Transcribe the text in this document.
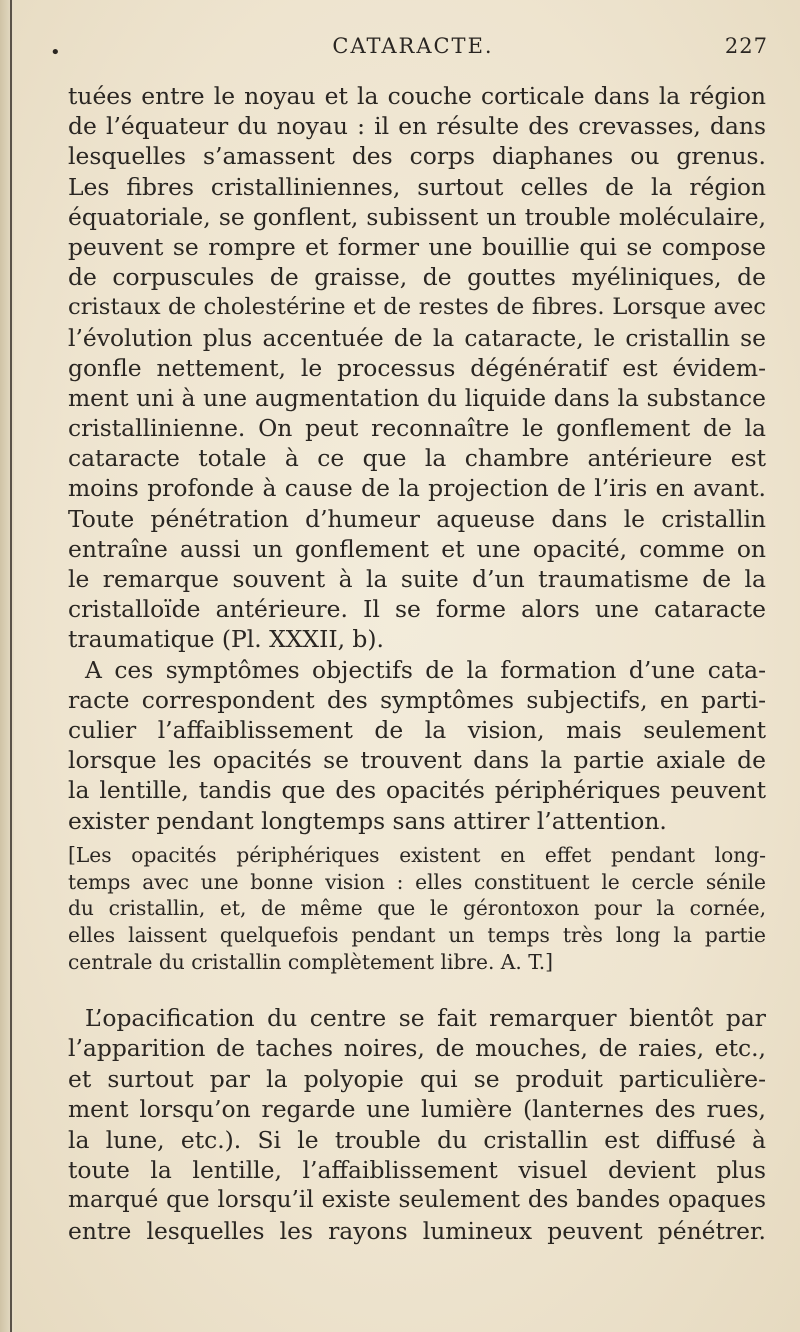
•	CATARACTE.	227
tuées entre le noyau et la couche corticale dans la région
de l’équateur du noyau : il en résulte des crevasses, dans
lesquelles s’amassent des corps diaphanes ou grenus.
Les fibres cristalliniennes, surtout celles de la région
équatoriale, se gonflent, subissent un trouble moléculaire,
peuvent se rompre et former une bouillie qui se compose
de corpuscules de graisse, de gouttes myéliniques, de
cristaux de cholestérine et de restes de fibres. Lorsque avec
l’évolution plus accentuée de la cataracte, le cristallin se
gonfle nettement, le processus dégénératif est évidem-
ment uni à une augmentation du liquide dans la substance
cristallinienne. On peut reconnaître le gonflement de la
cataracte totale à ce que la chambre antérieure est
moins profonde à cause de la projection de l’iris en avant.
Toute pénétration d’humeur aqueuse dans le cristallin
entraîne aussi un gonflement et une opacité, comme on
le remarque souvent à la suite d’un traumatisme de la
cristalloïde antérieure. Il se forme alors une cataracte
traumatique (Pl. XXXII, b).
A ces symptômes objectifs de la formation d’une cata-
racte correspondent des symptômes subjectifs, en parti-
culier l’affaiblissement de la vision, mais seulement
lorsque les opacités se trouvent dans la partie axiale de
la lentille, tandis que des opacités périphériques peuvent
exister pendant longtemps sans attirer l’attention.
[Les opacités périphériques existent en effet pendant long-
temps avec une bonne vision : elles constituent le cercle sénile
du cristallin, et, de même que le gérontoxon pour la cornée,
elles laissent quelquefois pendant un temps très long la partie
centrale du cristallin complètement libre. A. T.]
L’opacification du centre se fait remarquer bientôt par
l’apparition de taches noires, de mouches, de raies, etc.,
et surtout par la polyopie qui se produit particulière-
ment lorsqu’on regarde une lumière (lanternes des rues,
la lune, etc.). Si le trouble du cristallin est diffusé à
toute la lentille, l’affaiblissement visuel devient plus
marqué que lorsqu’il existe seulement des bandes opaques
entre lesquelles les rayons lumineux peuvent pénétrer.
